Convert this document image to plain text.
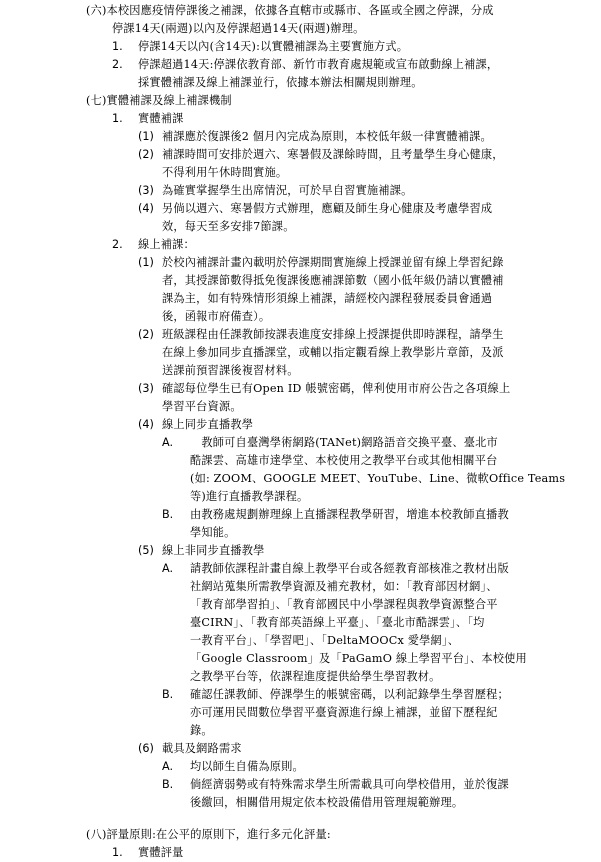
(六)本校因應疫情停課後之補課，依據各直轄市或縣市、各區或全國之停課，分成
停課14天(兩週)以內及停課超過14天(兩週)辦理。
1. 停課14天以內(含14天):以實體補課為主要實施方式。
2. 停課超過14天:停課依教育部、新竹市教育處規範或宣布啟動線上補課，
採實體補課及線上補課並行，依據本辦法相關規則辦理。
(七)實體補課及線上補課機制
1. 實體補課
(1) 補課應於復課後2 個月內完成為原則，本校低年級一律實體補課。
(2) 補課時間可安排於週六、寒暑假及課餘時間，且考量學生身心健康，
不得利用午休時間實施。
(3) 為確實掌握學生出席情況，可於早自習實施補課。
(4) 另倘以週六、寒暑假方式辦理，應顧及師生身心健康及考慮學習成
效，每天至多安排7節課。
2. 線上補課：
(1) 於校內補課計畫內載明於停課期間實施線上授課並留有線上學習紀錄
者，其授課節數得抵免復課後應補課節數（國小低年級仍請以實體補
課為主，如有特殊情形須線上補課，請經校內課程發展委員會通過
後，函報市府備查）。
(2) 班級課程由任課教師按課表進度安排線上授課提供即時課程，請學生
在線上參加同步直播課堂，或輔以指定觀看線上教學影片章節，及派
送課前預習課後複習材料。
(3) 確認每位學生已有Open ID 帳號密碼，俾利使用市府公告之各項線上
學習平台資源。
(4) 線上同步直播教學
A. 　教師可自臺灣學術網路(TANet)網路語音交換平臺、臺北市
酷課雲、高雄市達學堂、本校使用之教學平台或其他相關平台
(如: ZOOM、GOOGLE MEET、YouTube、Line、微軟Office Teams
等)進行直播教學課程。
B. 由教務處規劃辦理線上直播課程教學研習，增進本校教師直播教
學知能。
(5) 線上非同步直播教學
A. 請教師依課程計畫自線上教學平台或各經教育部核准之教材出版
社網站蒐集所需教學資源及補充教材，如：「教育部因材網」、
「教育部學習拍」、「教育部國民中小學課程與教學資源整合平
臺CIRN」、「教育部英語線上平臺」、「臺北市酷課雲」、「均
一教育平台」、「學習吧」、「DeltaMOOCx 愛學網」、
「Google Classroom」及「PaGamO 線上學習平台」、本校使用
之教學平台等，依課程進度提供給學生學習教材。
B. 確認任課教師、停課學生的帳號密碼，以利記錄學生學習歷程；
亦可運用民間數位學習平臺資源進行線上補課，並留下歷程紀
錄。
(6) 載具及網路需求
A. 均以師生自備為原則。
B. 倘經濟弱勢或有特殊需求學生所需載具可向學校借用，並於復課
後繳回，相關借用規定依本校設備借用管理規範辦理。
(八)評量原則:在公平的原則下，進行多元化評量:
1. 實體評量
